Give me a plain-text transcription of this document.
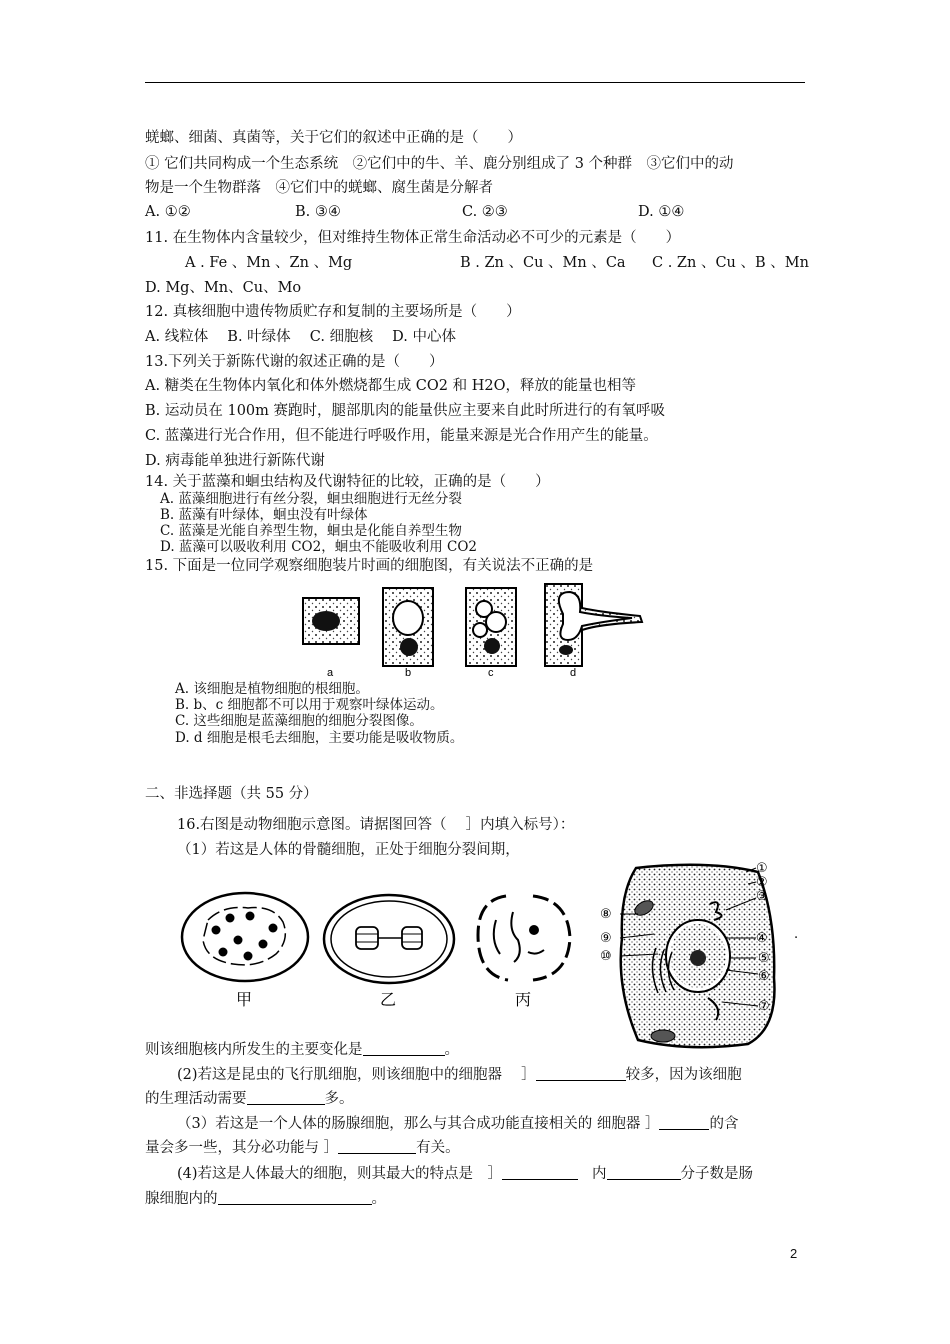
蜣螂、细菌、真菌等，关于它们的叙述中正确的是（　　）
① 它们共同构成一个生态系统　②它们中的牛、羊、鹿分别组成了 3 个种群　③它们中的动
物是一个生物群落　④它们中的蜣螂、腐生菌是分解者
A. ①②	B. ③④	C. ②③	D. ①④
11. 在生物体内含量较少，但对维持生物体正常生命活动必不可少的元素是（　　）
A . Fe 、Mn 、Zn 、Mg	B . Zn 、Cu 、Mn 、Ca C . Zn 、Cu 、B 、Mn
D. Mg、Mn、Cu、Mo
12. 真核细胞中遗传物质贮存和复制的主要场所是（　　）
A. 线粒体　 B. 叶绿体　 C. 细胞核　 D. 中心体
13.下列关于新陈代谢的叙述正确的是（　　）
A. 糖类在生物体内氧化和体外燃烧都生成 CO2 和 H2O，释放的能量也相等
B. 运动员在 100m 赛跑时，腿部肌肉的能量供应主要来自此时所进行的有氧呼吸
C. 蓝藻进行光合作用，但不能进行呼吸作用，能量来源是光合作用产生的能量。
D. 病毒能单独进行新陈代谢
14. 关于蓝藻和蛔虫结构及代谢特征的比较，正确的是（　　）
A. 蓝藻细胞进行有丝分裂，蛔虫细胞进行无丝分裂
B. 蓝藻有叶绿体，蛔虫没有叶绿体
C. 蓝藻是光能自养型生物，蛔虫是化能自养型生物
D. 蓝藻可以吸收利用 CO2，蛔虫不能吸收利用 CO2
15. 下面是一位同学观察细胞装片时画的细胞图，有关说法不正确的是
a	b	c	d
A. 该细胞是植物细胞的根细胞。
B. b、c 细胞都不可以用于观察叶绿体运动。
C. 这些细胞是蓝藻细胞的细胞分裂图像。
D. d 细胞是根毛去细胞，主要功能是吸收物质。
二、非选择题（共 55 分）
16.右图是动物细胞示意图。请据图回答（　 ］内填入标号）：
（1）若这是人体的骨髓细胞，正处于细胞分裂间期，
甲	乙	丙
①
②
③
④
⑤
⑥
⑦
⑧
⑨
⑩
.
则该细胞核内所发生的主要变化是	。
(2)若这是昆虫的飞行肌细胞，则该细胞中的细胞器　 ］	较多，因为该细胞
的生理活动需要	多。
（3）若这是一个人体的肠腺细胞，那么与其合成功能直接相关的 细胞器 ］	的含
量会多一些，其分必功能与 ］	有关。
(4)若这是人体最大的细胞，则其最大的特点是　］	内	分子数是肠
腺细胞内的	。
2
